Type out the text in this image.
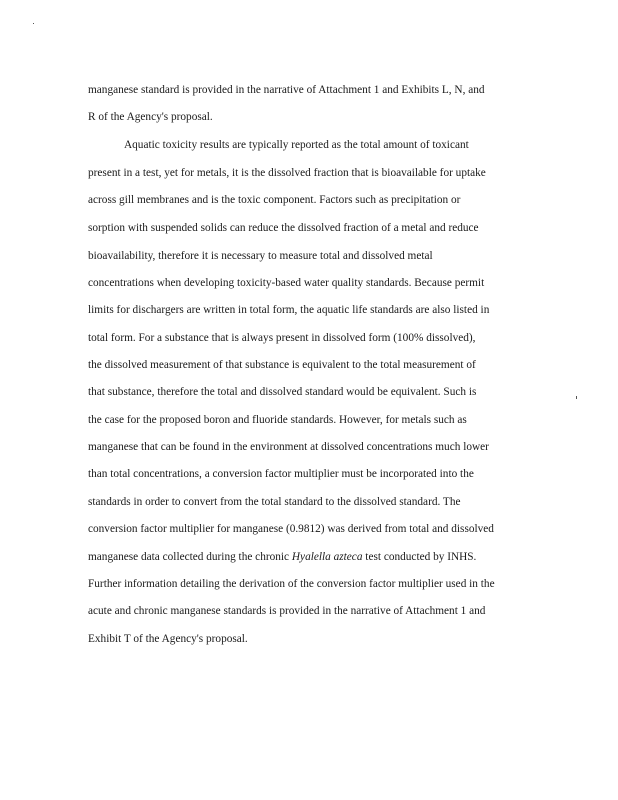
manganese standard is provided in the narrative of Attachment 1 and Exhibits L, N, and
R of the Agency's proposal.
Aquatic toxicity results are typically reported as the total amount of toxicant
present in a test, yet for metals, it is the dissolved fraction that is bioavailable for uptake
across gill membranes and is the toxic component. Factors such as precipitation or
sorption with suspended solids can reduce the dissolved fraction of a metal and reduce
bioavailability, therefore it is necessary to measure total and dissolved metal
concentrations when developing toxicity-based water quality standards. Because permit
limits for dischargers are written in total form, the aquatic life standards are also listed in
total form. For a substance that is always present in dissolved form (100% dissolved),
the dissolved measurement of that substance is equivalent to the total measurement of
that substance, therefore the total and dissolved standard would be equivalent. Such is
the case for the proposed boron and fluoride standards. However, for metals such as
manganese that can be found in the environment at dissolved concentrations much lower
than total concentrations, a conversion factor multiplier must be incorporated into the
standards in order to convert from the total standard to the dissolved standard. The
conversion factor multiplier for manganese (0.9812) was derived from total and dissolved
manganese data collected during the chronic Hyalella azteca test conducted by INHS.
Further information detailing the derivation of the conversion factor multiplier used in the
acute and chronic manganese standards is provided in the narrative of Attachment 1 and
Exhibit T of the Agency's proposal.
